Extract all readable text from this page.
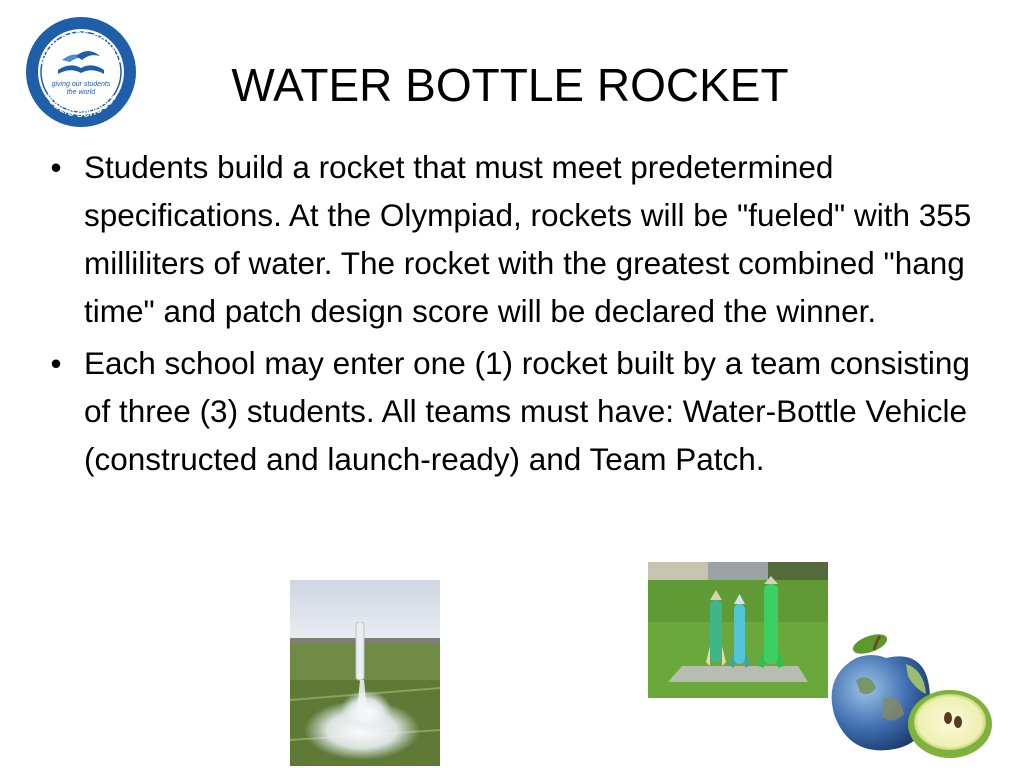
MIAMI-DADE COUNTY
PUBLIC SCHOOLS
giving our students
the world	WATER BOTTLE ROCKET
• Students build a rocket that must meet predetermined specifications. At the Olympiad, rockets will be "fueled" with 355 milliliters of water. The rocket with the greatest combined "hang time" and patch design score will be declared the winner.
• Each school may enter one (1) rocket built by a team consisting of three (3) students. All teams must have: Water-Bottle Vehicle (constructed and launch-ready) and Team Patch.
